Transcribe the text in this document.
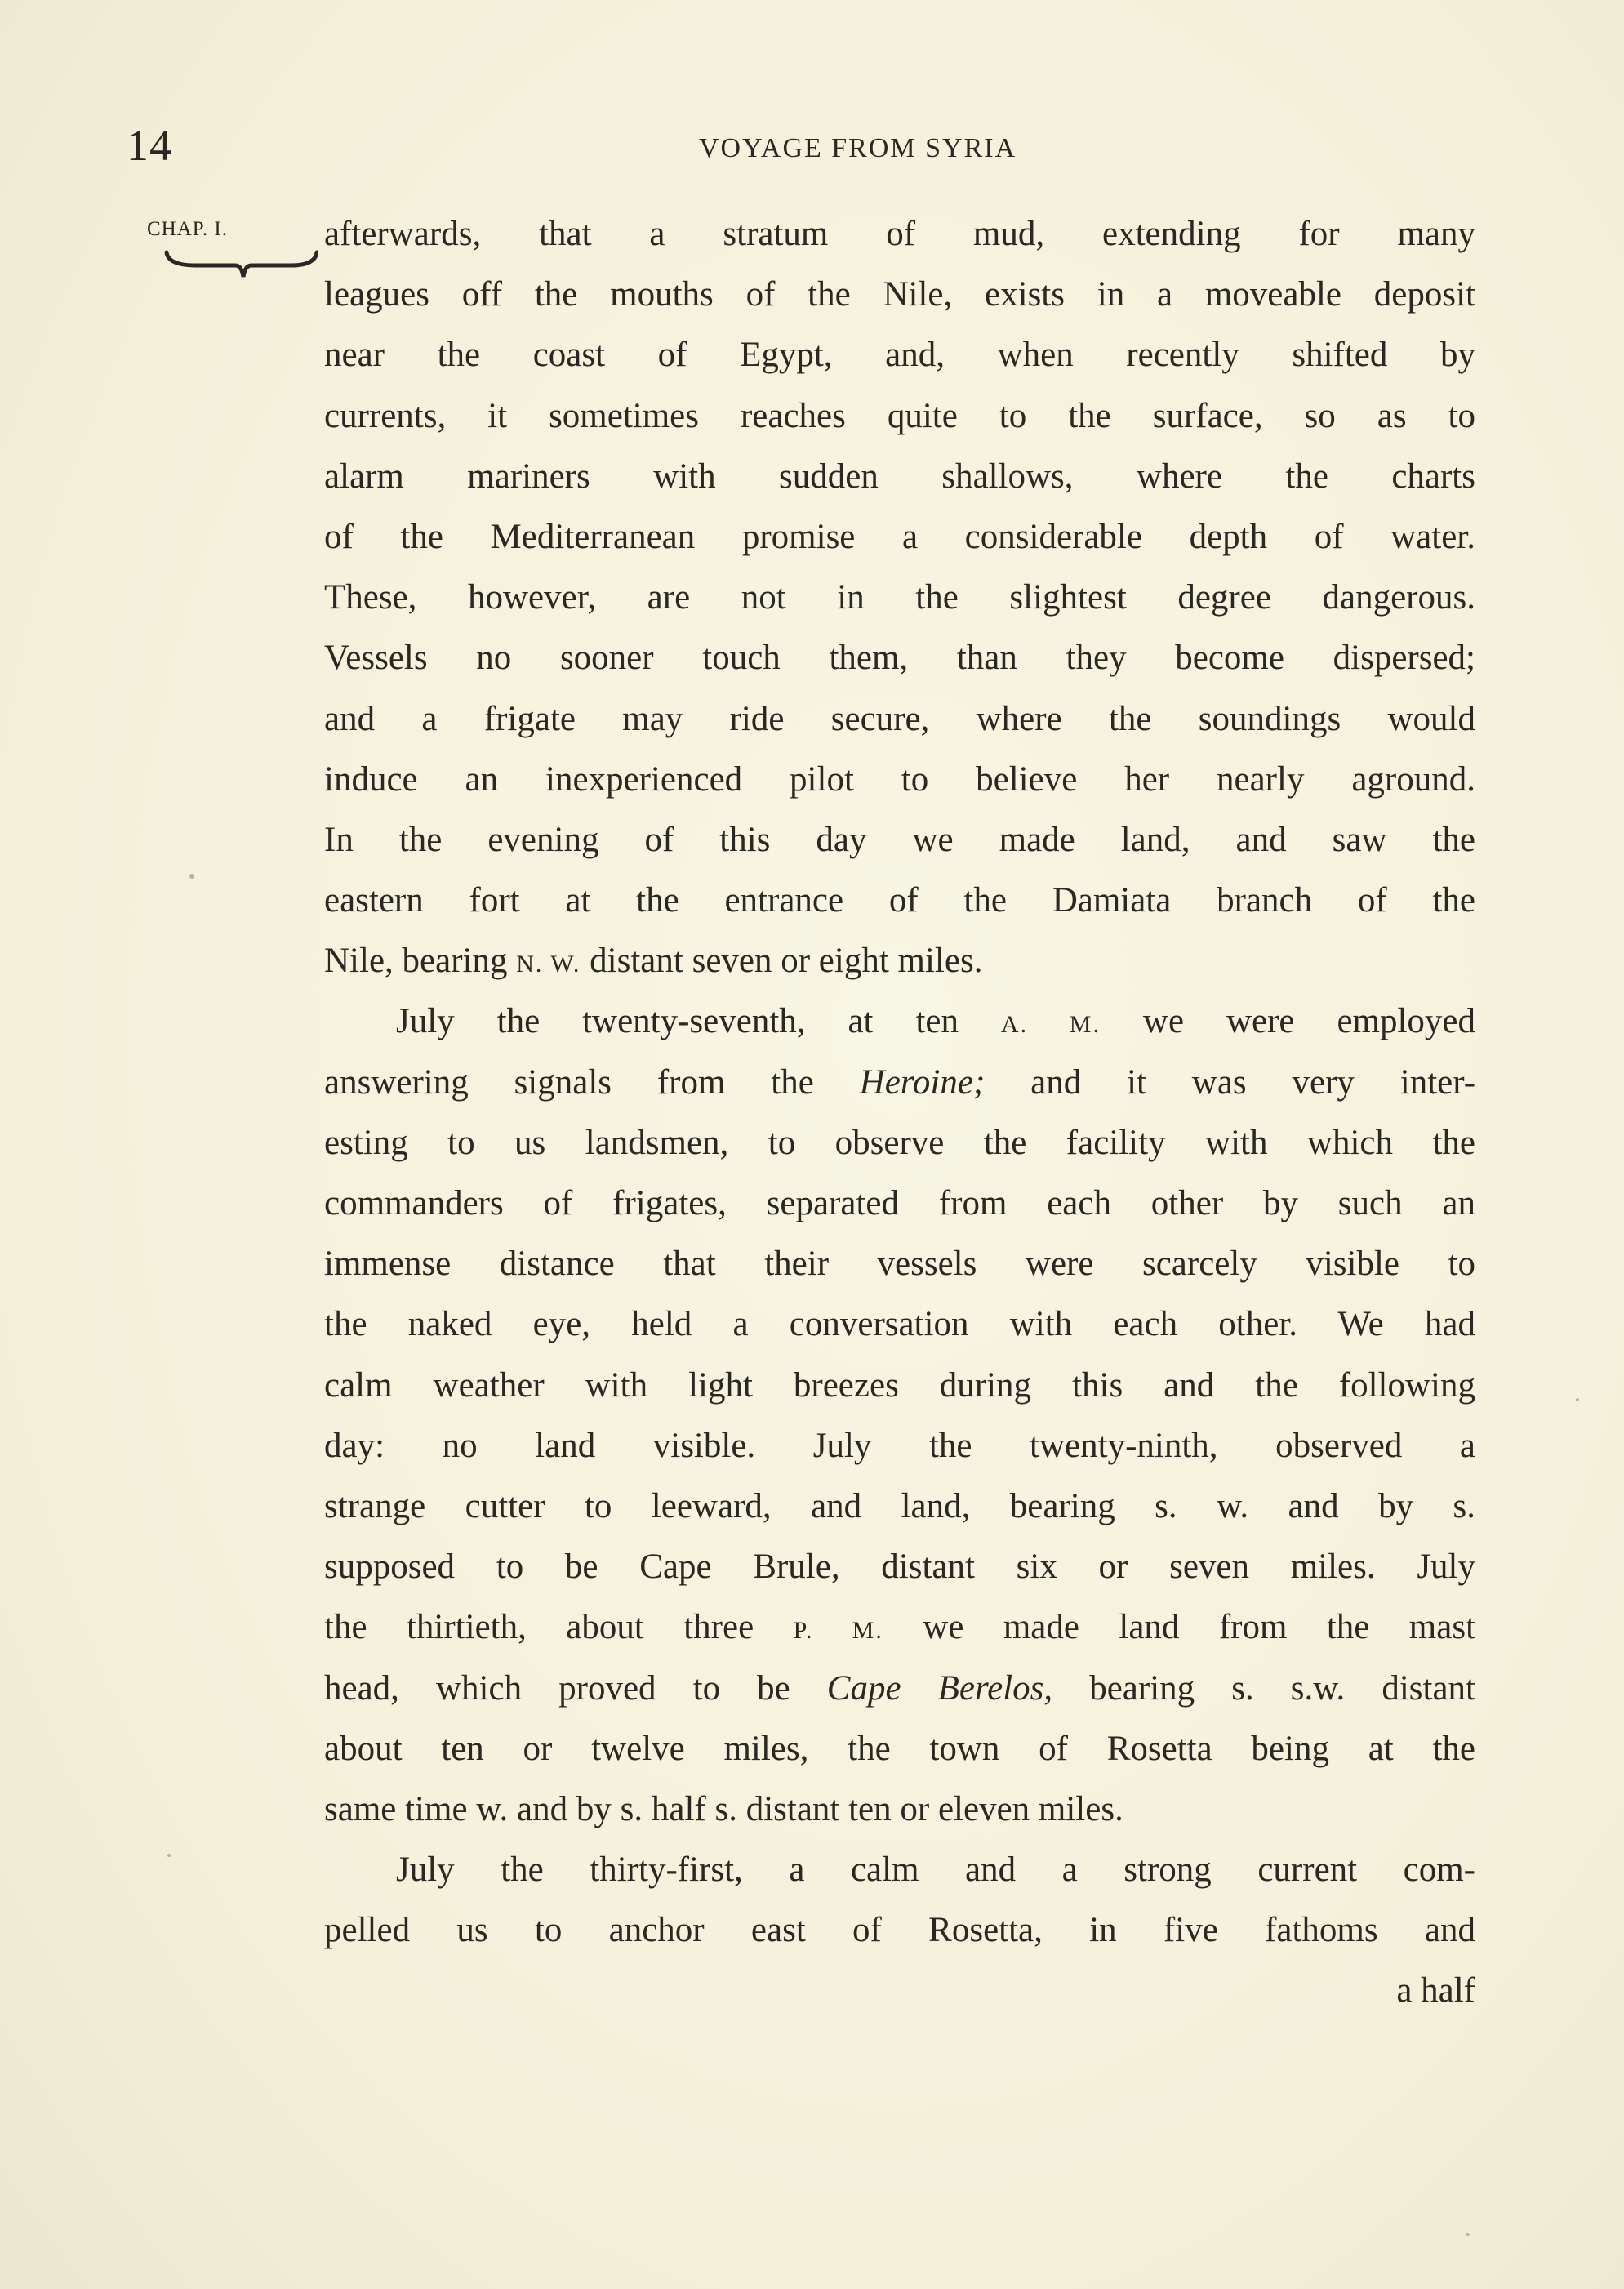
14	VOYAGE FROM SYRIA
CHAP. I.	afterwards, that a stratum of mud, extending for many
leagues off the mouths of the Nile, exists in a moveable deposit
near the coast of Egypt, and, when recently shifted by
currents, it sometimes reaches quite to the surface, so as to
alarm mariners with sudden shallows, where the charts
of the Mediterranean promise a considerable depth of water.
These, however, are not in the slightest degree dangerous.
Vessels no sooner touch them, than they become dispersed;
and a frigate may ride secure, where the soundings would
induce an inexperienced pilot to believe her nearly aground.
In the evening of this day we made land, and saw the
eastern fort at the entrance of the Damiata branch of the
Nile, bearing N. W. distant seven or eight miles.
July the twenty-seventh, at ten A. M. we were employed
answering signals from the Heroine; and it was very inter-
esting to us landsmen, to observe the facility with which the
commanders of frigates, separated from each other by such an
immense distance that their vessels were scarcely visible to
the naked eye, held a conversation with each other. We had
calm weather with light breezes during this and the following
day: no land visible. July the twenty-ninth, observed a
strange cutter to leeward, and land, bearing s. w. and by s.
supposed to be Cape Brule, distant six or seven miles. July
the thirtieth, about three P. M. we made land from the mast
head, which proved to be Cape Berelos, bearing s. s.w. distant
about ten or twelve miles, the town of Rosetta being at the
same time w. and by s. half s. distant ten or eleven miles.
July the thirty-first, a calm and a strong current com-
pelled us to anchor east of Rosetta, in five fathoms and
a half
